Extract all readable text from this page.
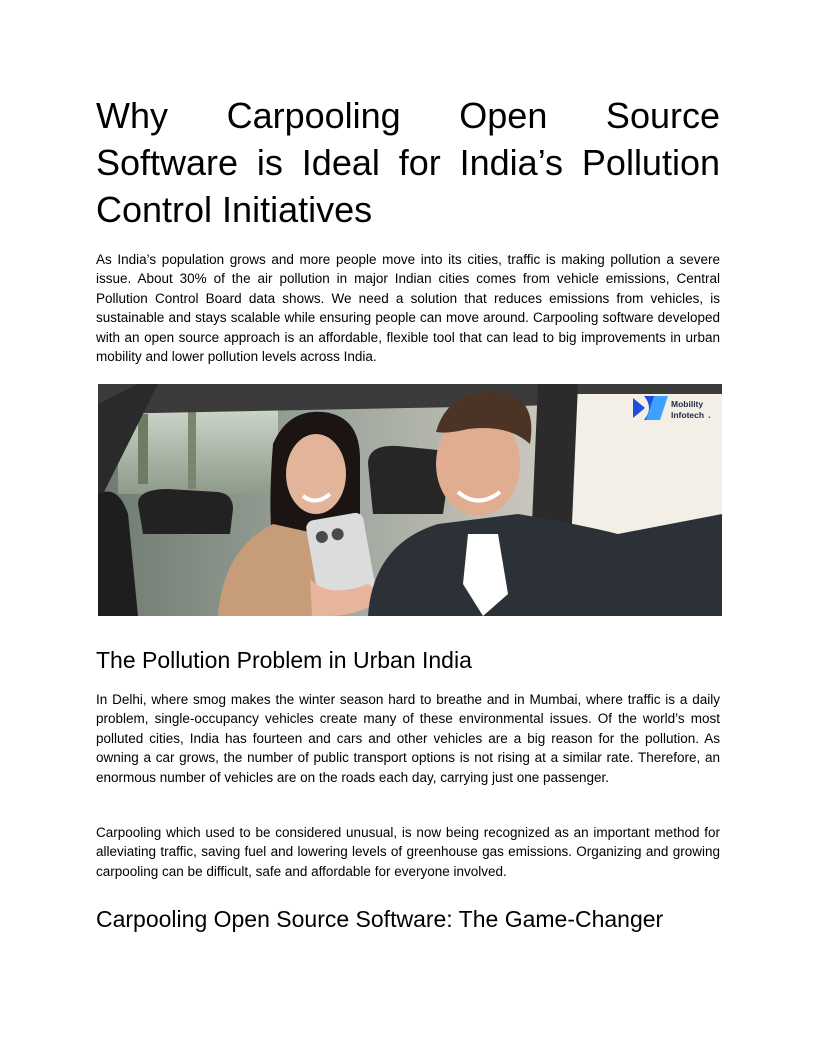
Why Carpooling Open Source Software is Ideal for India’s Pollution Control Initiatives

As India’s population grows and more people move into its cities, traffic is making pollution a severe issue. About 30% of the air pollution in major Indian cities comes from vehicle emissions, Central Pollution Control Board data shows. We need a solution that reduces emissions from vehicles, is sustainable and stays scalable while ensuring people can move around. Carpooling software developed with an open source approach is an affordable, flexible tool that can lead to big improvements in urban mobility and lower pollution levels across India.

Mobility
Infotech .
The Pollution Problem in Urban India

In Delhi, where smog makes the winter season hard to breathe and in Mumbai, where traffic is a daily problem, single-occupancy vehicles create many of these environmental issues. Of the world’s most polluted cities, India has fourteen and cars and other vehicles are a big reason for the pollution. As owning a car grows, the number of public transport options is not rising at a similar rate. Therefore, an enormous number of vehicles are on the roads each day, carrying just one passenger.

Carpooling which used to be considered unusual, is now being recognized as an important method for alleviating traffic, saving fuel and lowering levels of greenhouse gas emissions. Organizing and growing carpooling can be difficult, safe and affordable for everyone involved.

Carpooling Open Source Software: The Game-Changer
